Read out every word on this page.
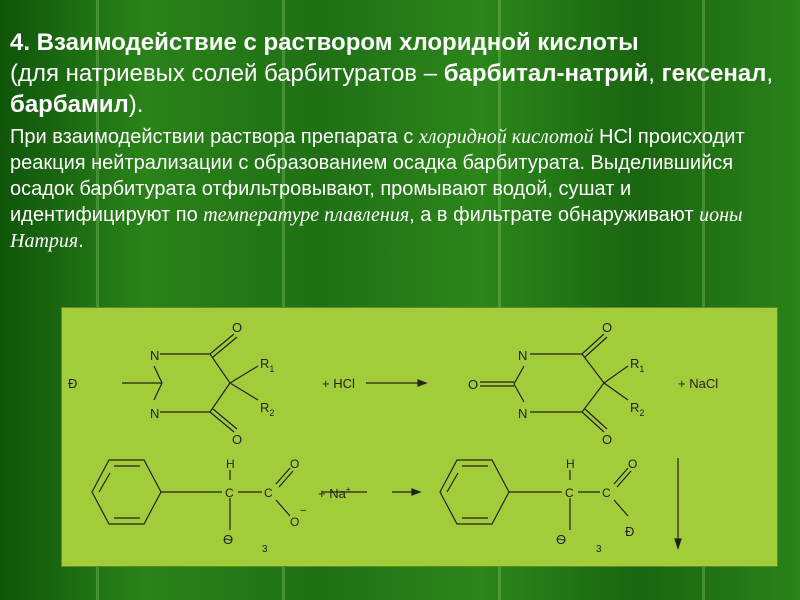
4. Взаимодействие с раствором хлоридной кислоты

(для натриевых солей барбитуратов – барбитал-натрий, гексенал, барбамил).

При взаимодействии раствора препарата с хлоридной кислотой HCl происходит реакция нейтрализации с образованием осадка барбитурата. Выделившийся осадок барбитурата отфильтровывают, промывают водой, сушат и идентифицируют по температуре плавления, а в фильтрате обнаруживают ионы Натрия.
Ð
N
N
O
O
$R_1$
$R_2$
+ HCl	O
N
N
O
O
$R_1$
$R_2$
+ NaCl
H
C	C
O
O
−
Ѳ
3
+ Na+
H
C C
O
Ð
Ѳ
3
